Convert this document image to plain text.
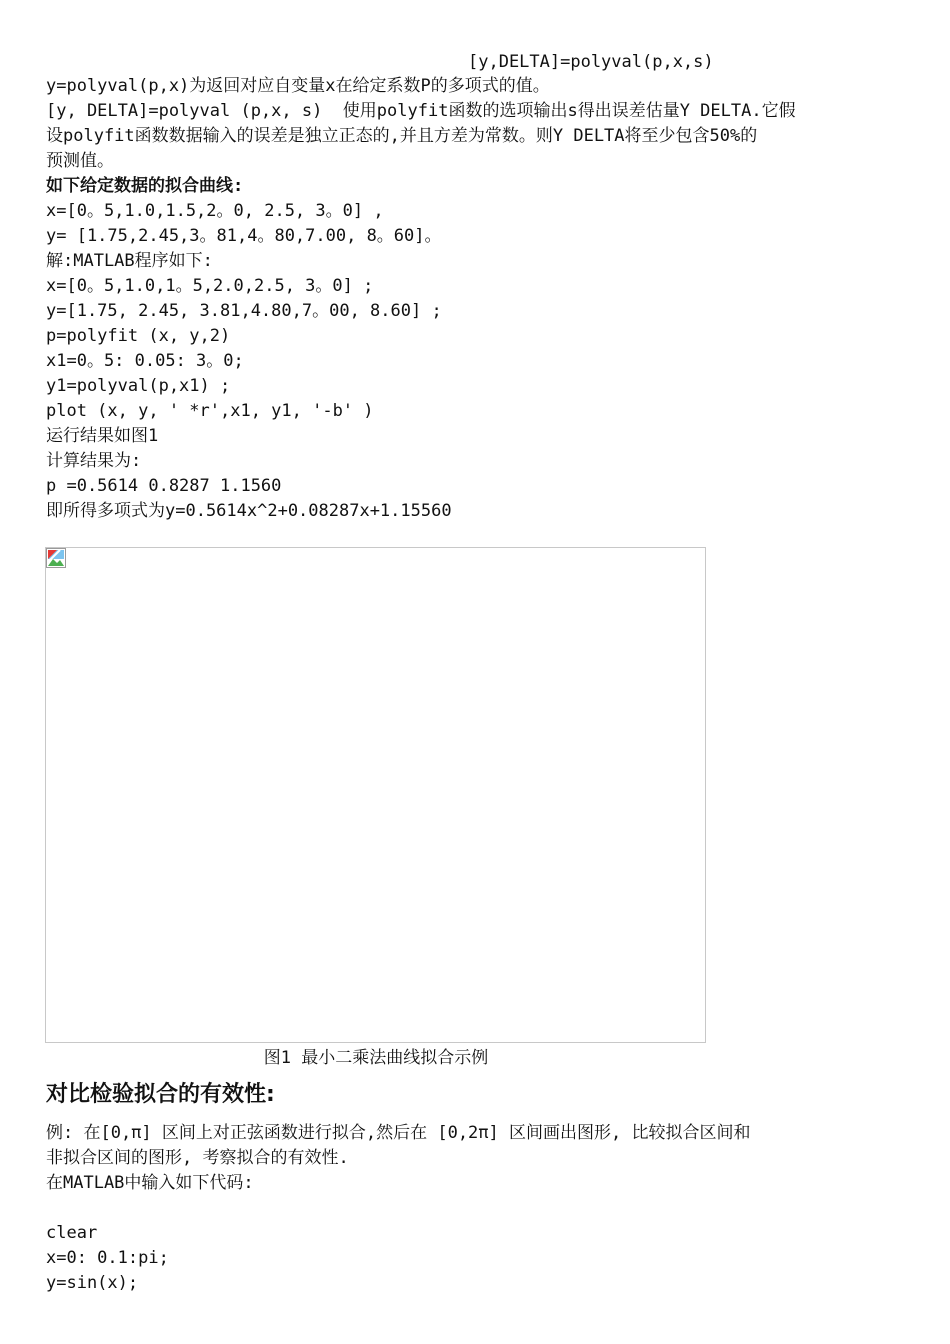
[y,DELTA]=polyval(p,x,s)
y=polyval(p,x)为返回对应自变量x在给定系数P的多项式的值。
[y, DELTA]=polyval (p,x, s)  使用polyfit函数的选项输出s得出误差估量Y DELTA.它假
设polyfit函数数据输入的误差是独立正态的,并且方差为常数。则Y DELTA将至少包含50%的
预测值。
如下给定数据的拟合曲线:
x=[0。5,1.0,1.5,2。0, 2.5, 3。0] ,
y= [1.75,2.45,3。81,4。80,7.00, 8。60]。
解:MATLAB程序如下:
x=[0。5,1.0,1。5,2.0,2.5, 3。0] ;
y=[1.75, 2.45, 3.81,4.80,7。00, 8.60] ;
p=polyfit (x, y,2)
x1=0。5: 0.05: 3。0;
y1=polyval(p,x1) ;
plot (x, y, ' *r',x1, y1, '-b' )
运行结果如图1
计算结果为:
p =0.5614 0.8287 1.1560
即所得多项式为y=0.5614x^2+0.08287x+1.15560
图1 最小二乘法曲线拟合示例
对比检验拟合的有效性:
例: 在[0,π] 区间上对正弦函数进行拟合,然后在 [0,2π] 区间画出图形, 比较拟合区间和
非拟合区间的图形, 考察拟合的有效性.
在MATLAB中输入如下代码:
clear
x=0: 0.1:pi;
y=sin(x);
